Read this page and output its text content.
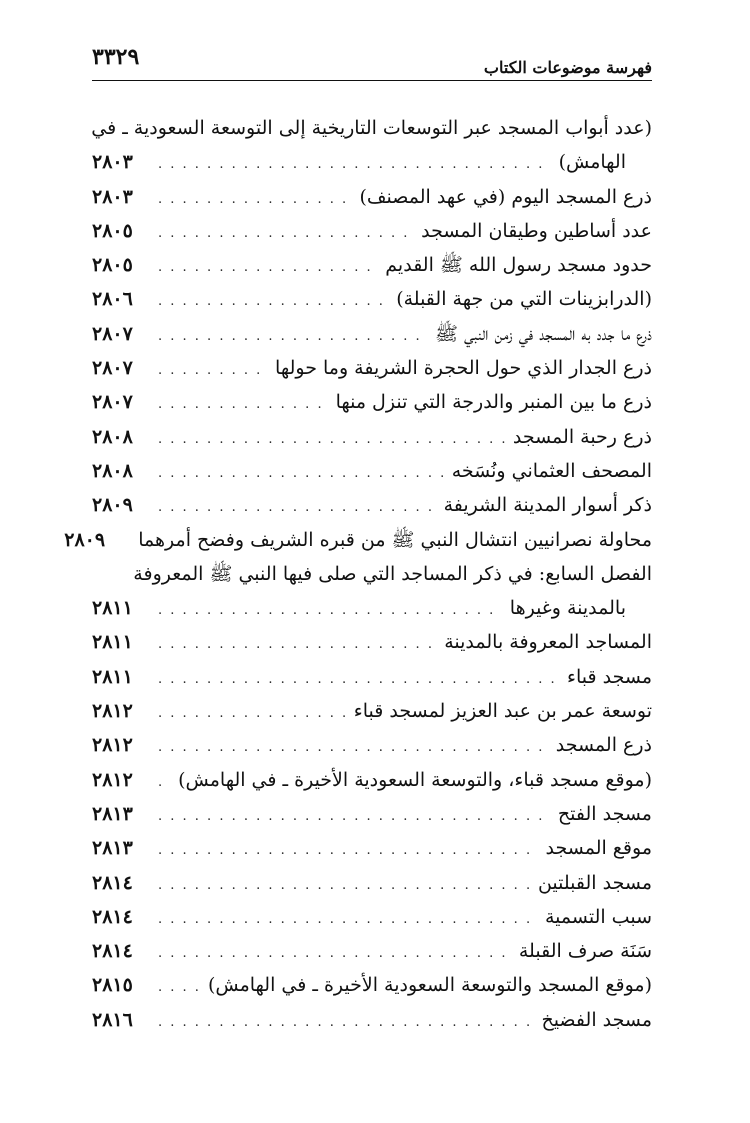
فهرسة موضوعات الكتاب
٣٣٢٩
(عدد أبواب المسجد عبر التوسعات التاريخية إلى التوسعة السعودية ـ في
الهامش)
. . .
٢٨٠٣
ذرع المسجد اليوم (في عهد المصنف)
. . .
٢٨٠٣
عدد أساطين وطيقان المسجد
. . .
٢٨٠٥
حدود مسجد رسول الله ﷺ القديم
. . .
٢٨٠٥
(الدرابزينات التي من جهة القبلة)
. . .
٢٨٠٦
ذرع ما جدد به المسجد في زمن النبي ﷺ
. . .
٢٨٠٧
ذرع الجدار الذي حول الحجرة الشريفة وما حولها
. . .
٢٨٠٧
ذرع ما بين المنبر والدرجة التي تنزل منها
. . .
٢٨٠٧
ذرع رحبة المسجد
. . .
٢٨٠٨
المصحف العثماني ونُسَخه
. . .
٢٨٠٨
ذكر أسوار المدينة الشريفة
. . .
٢٨٠٩
محاولة نصرانيين انتشال النبي ﷺ من قبره الشريف وفضح أمرهما
٢٨٠٩
الفصل السابع: في ذكر المساجد التي صلى فيها النبي ﷺ المعروفة
بالمدينة وغيرها
. . .
٢٨١١
المساجد المعروفة بالمدينة
. . .
٢٨١١
مسجد قباء
. . .
٢٨١١
توسعة عمر بن عبد العزيز لمسجد قباء
. . .
٢٨١٢
ذرع المسجد
. . .
٢٨١٢
(موقع مسجد قباء، والتوسعة السعودية الأخيرة ـ في الهامش)
. . .
٢٨١٢
مسجد الفتح
. . .
٢٨١٣
موقع المسجد
. . .
٢٨١٣
مسجد القبلتين
. . .
٢٨١٤
سبب التسمية
. . .
٢٨١٤
سَنَة صرف القبلة
. . .
٢٨١٤
(موقع المسجد والتوسعة السعودية الأخيرة ـ في الهامش)
. . .
٢٨١٥
مسجد الفضيخ
. . .
٢٨١٦
